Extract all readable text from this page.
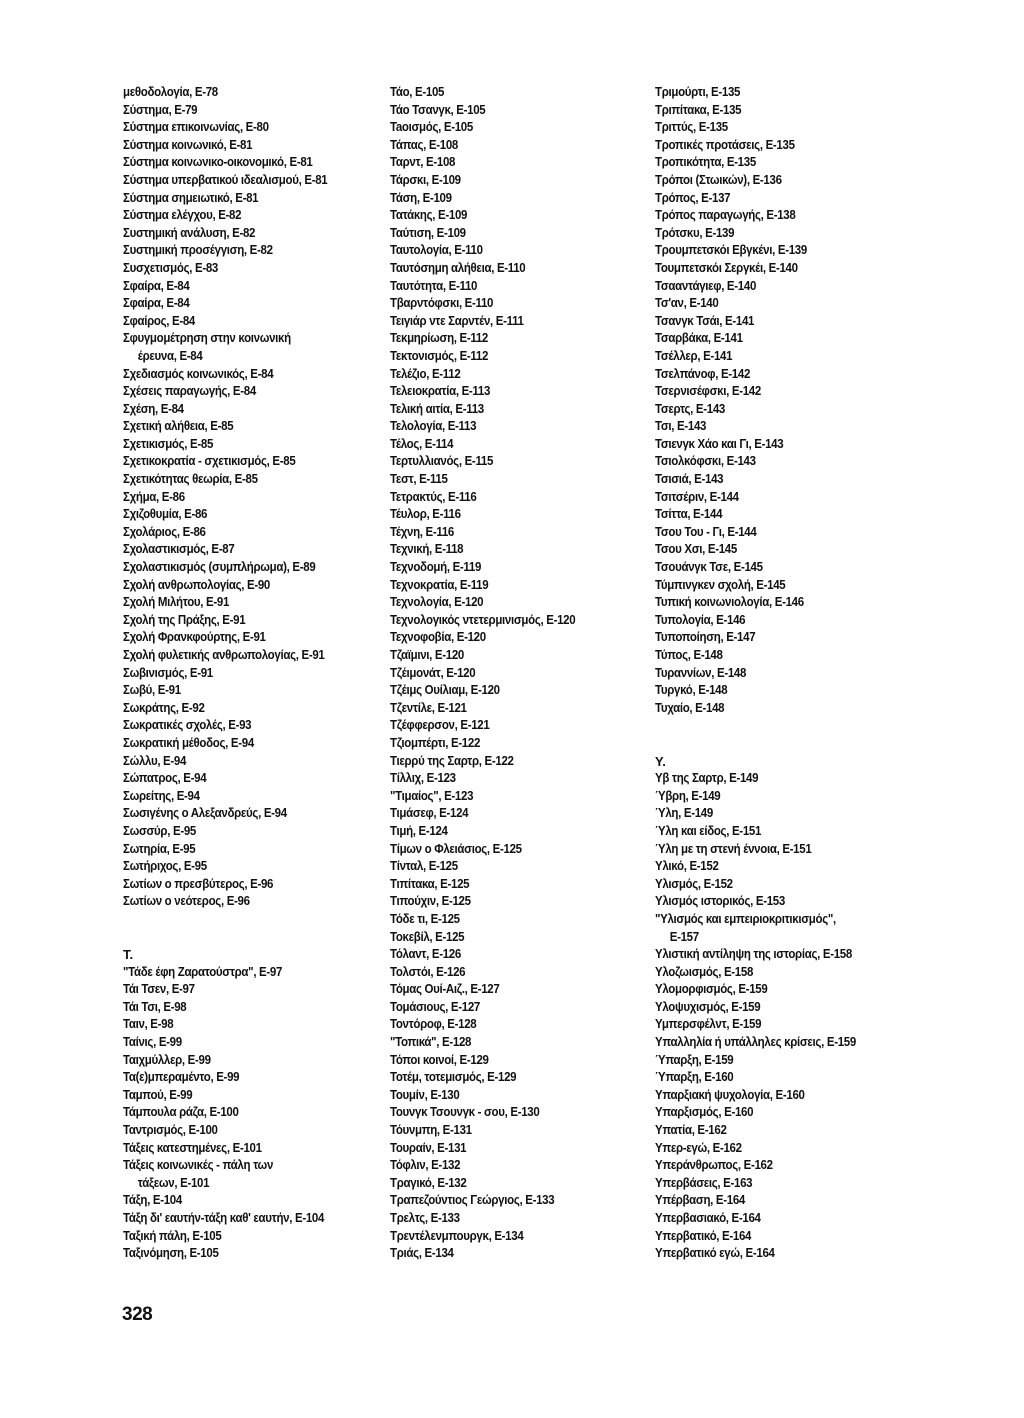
μεθοδολογία, Ε-78
Σύστημα, Ε-79
Σύστημα επικοινωνίας, Ε-80
Σύστημα κοινωνικό, Ε-81
Σύστημα κοινωνικο-οικονομικό, Ε-81
Σύστημα υπερβατικού ιδεαλισμού, Ε-81
Σύστημα σημειωτικό, Ε-81
Σύστημα ελέγχου, Ε-82
Συστημική ανάλυση, Ε-82
Συστημική προσέγγιση, Ε-82
Συσχετισμός, Ε-83
Σφαίρα, Ε-84
Σφαίρα, Ε-84
Σφαίρος, Ε-84
Σφυγμομέτρηση στην κοινωνική
έρευνα, Ε-84
Σχεδιασμός κοινωνικός, Ε-84
Σχέσεις παραγωγής, Ε-84
Σχέση, Ε-84
Σχετική αλήθεια, Ε-85
Σχετικισμός, Ε-85
Σχετικοκρατία - σχετικισμός, Ε-85
Σχετικότητας θεωρία, Ε-85
Σχήμα, Ε-86
Σχιζοθυμία, Ε-86
Σχολάριος, Ε-86
Σχολαστικισμός, Ε-87
Σχολαστικισμός (συμπλήρωμα), Ε-89
Σχολή ανθρωπολογίας, Ε-90
Σχολή Μιλήτου, Ε-91
Σχολή της Πράξης, Ε-91
Σχολή Φρανκφούρτης, Ε-91
Σχολή φυλετικής ανθρωπολογίας, Ε-91
Σωβινισμός, Ε-91
Σωβύ, Ε-91
Σωκράτης, Ε-92
Σωκρατικές σχολές, Ε-93
Σωκρατική μέθοδος, Ε-94
Σώλλυ, Ε-94
Σώπατρος, Ε-94
Σωρείτης, Ε-94
Σωσιγένης ο Αλεξανδρεύς, Ε-94
Σωσσύρ, Ε-95
Σωτηρία, Ε-95
Σωτήριχος, Ε-95
Σωτίων ο πρεσβύτερος, Ε-96
Σωτίων ο νεότερος, Ε-96
Τ.
"Τάδε έφη Ζαρατούστρα", Ε-97
Τάι Τσεν, Ε-97
Τάι Τσι, Ε-98
Ταιν, Ε-98
Ταίνις, Ε-99
Ταιχμύλλερ, Ε-99
Τα(ε)μπεραμέντο, Ε-99
Ταμπού, Ε-99
Τάμπουλα ράζα, Ε-100
Ταντρισμός, Ε-100
Τάξεις κατεστημένες, Ε-101
Τάξεις κοινωνικές - πάλη των
τάξεων, Ε-101
Τάξη, Ε-104
Τάξη δι' εαυτήν-τάξη καθ' εαυτήν, Ε-104
Ταξική πάλη, Ε-105
Ταξινόμηση, Ε-105
Τάο, Ε-105
Τάο Τσανγκ, Ε-105
Taoισμός, Ε-105
Τάπας, Ε-108
Ταρντ, Ε-108
Τάρσκι, Ε-109
Τάση, Ε-109
Τατάκης, Ε-109
Ταύτιση, Ε-109
Ταυτολογία, Ε-110
Ταυτόσημη αλήθεια, Ε-110
Ταυτότητα, Ε-110
Τβαρντόφσκι, Ε-110
Τειγιάρ ντε Σαρντέν, Ε-111
Τεκμηρίωση, Ε-112
Τεκτονισμός, Ε-112
Τελέζιο, Ε-112
Τελειοκρατία, Ε-113
Τελική αιτία, Ε-113
Τελολογία, Ε-113
Τέλος, Ε-114
Τερτυλλιανός, Ε-115
Τεστ, Ε-115
Τετρακτύς, Ε-116
Τέυλορ, Ε-116
Τέχνη, Ε-116
Τεχνική, Ε-118
Τεχνοδομή, Ε-119
Τεχνοκρατία, Ε-119
Τεχνολογία, Ε-120
Τεχνολογικός ντετερμινισμός, Ε-120
Τεχνοφοβία, Ε-120
Τζαϊμινι, Ε-120
Τζέιμονάτ, Ε-120
Τζέιμς Ουίλιαμ, Ε-120
Τζεντίλε, Ε-121
Τζέφφερσον, Ε-121
Τζιομπέρτι, Ε-122
Τιερρύ της Σαρτρ, Ε-122
Τίλλιχ, Ε-123
"Τιμαίος", Ε-123
Τιμάσεφ, Ε-124
Τιμή, Ε-124
Τίμων ο Φλειάσιος, Ε-125
Τίνταλ, Ε-125
Τιπίτακα, Ε-125
Τιπούχιν, Ε-125
Τόδε τι, Ε-125
Τοκεβίλ, Ε-125
Τόλαντ, Ε-126
Τολστόι, Ε-126
Τόμας Ουί-Αιζ., Ε-127
Τομάσιους, Ε-127
Τοντόροφ, Ε-128
"Τοπικά", Ε-128
Τόποι κοινοί, Ε-129
Τοτέμ, τοτεμισμός, Ε-129
Τουμίν, Ε-130
Τουνγκ Τσουνγκ - σου, Ε-130
Τόυνμπη, Ε-131
Τουραίν, Ε-131
Τόφλιν, Ε-132
Τραγικό, Ε-132
Τραπεζούντιος Γεώργιος, Ε-133
Τρελτς, Ε-133
Τρεντέλενμπουργκ, Ε-134
Τριάς, Ε-134
Τριμούρτι, Ε-135
Τριπίτακα, Ε-135
Τριττύς, Ε-135
Τροπικές προτάσεις, Ε-135
Τροπικότητα, Ε-135
Τρόποι (Στωικών), Ε-136
Τρόπος, Ε-137
Τρόπος παραγωγής, Ε-138
Τρότσκυ, Ε-139
Τρουμπετσκόι Εβγκένι, Ε-139
Τουμπετσκόι Σεργκέι, Ε-140
Τσααντάγιεφ, Ε-140
Τσ'αν, Ε-140
Τσανγκ Τσάι, Ε-141
Τσαρβάκα, Ε-141
Τσέλλερ, Ε-141
Τσελπάνοφ, Ε-142
Τσερνισέφσκι, Ε-142
Τσερτς, Ε-143
Τσι, Ε-143
Τσιενγκ Χάο και Γι, Ε-143
Τσιολκόφσκι, Ε-143
Τσισιά, Ε-143
Τσιτσέριν, Ε-144
Τσίττα, Ε-144
Τσου Του - Γι, Ε-144
Τσου Χσι, Ε-145
Τσουάνγκ Τσε, Ε-145
Τύμπινγκεν σχολή, Ε-145
Τυπική κοινωνιολογία, Ε-146
Τυπολογία, Ε-146
Τυποποίηση, Ε-147
Τύπος, Ε-148
Τυραννίων, Ε-148
Τυργκό, Ε-148
Τυχαίο, Ε-148
Υ.
Υβ της Σαρτρ, Ε-149
Ύβρη, Ε-149
Ύλη, Ε-149
Ύλη και είδος, Ε-151
Ύλη με τη στενή έννοια, Ε-151
Υλικό, Ε-152
Υλισμός, Ε-152
Υλισμός ιστορικός, Ε-153
"Υλισμός και εμπειριοκριτικισμός",
Ε-157
Υλιστική αντίληψη της ιστορίας, Ε-158
Υλοζωισμός, Ε-158
Υλομορφισμός, Ε-159
Υλοψυχισμός, Ε-159
Υμπερσφέλντ, Ε-159
Υπαλληλία ή υπάλληλες κρίσεις, Ε-159
Ύπαρξη, Ε-159
Ύπαρξη, Ε-160
Υπαρξιακή ψυχολογία, Ε-160
Υπαρξισμός, Ε-160
Υπατία, Ε-162
Υπερ-εγώ, Ε-162
Υπεράνθρωπος, Ε-162
Υπερβάσεις, Ε-163
Υπέρβαση, Ε-164
Υπερβασιακό, Ε-164
Υπερβατικό, Ε-164
Υπερβατικό εγώ, Ε-164
328
